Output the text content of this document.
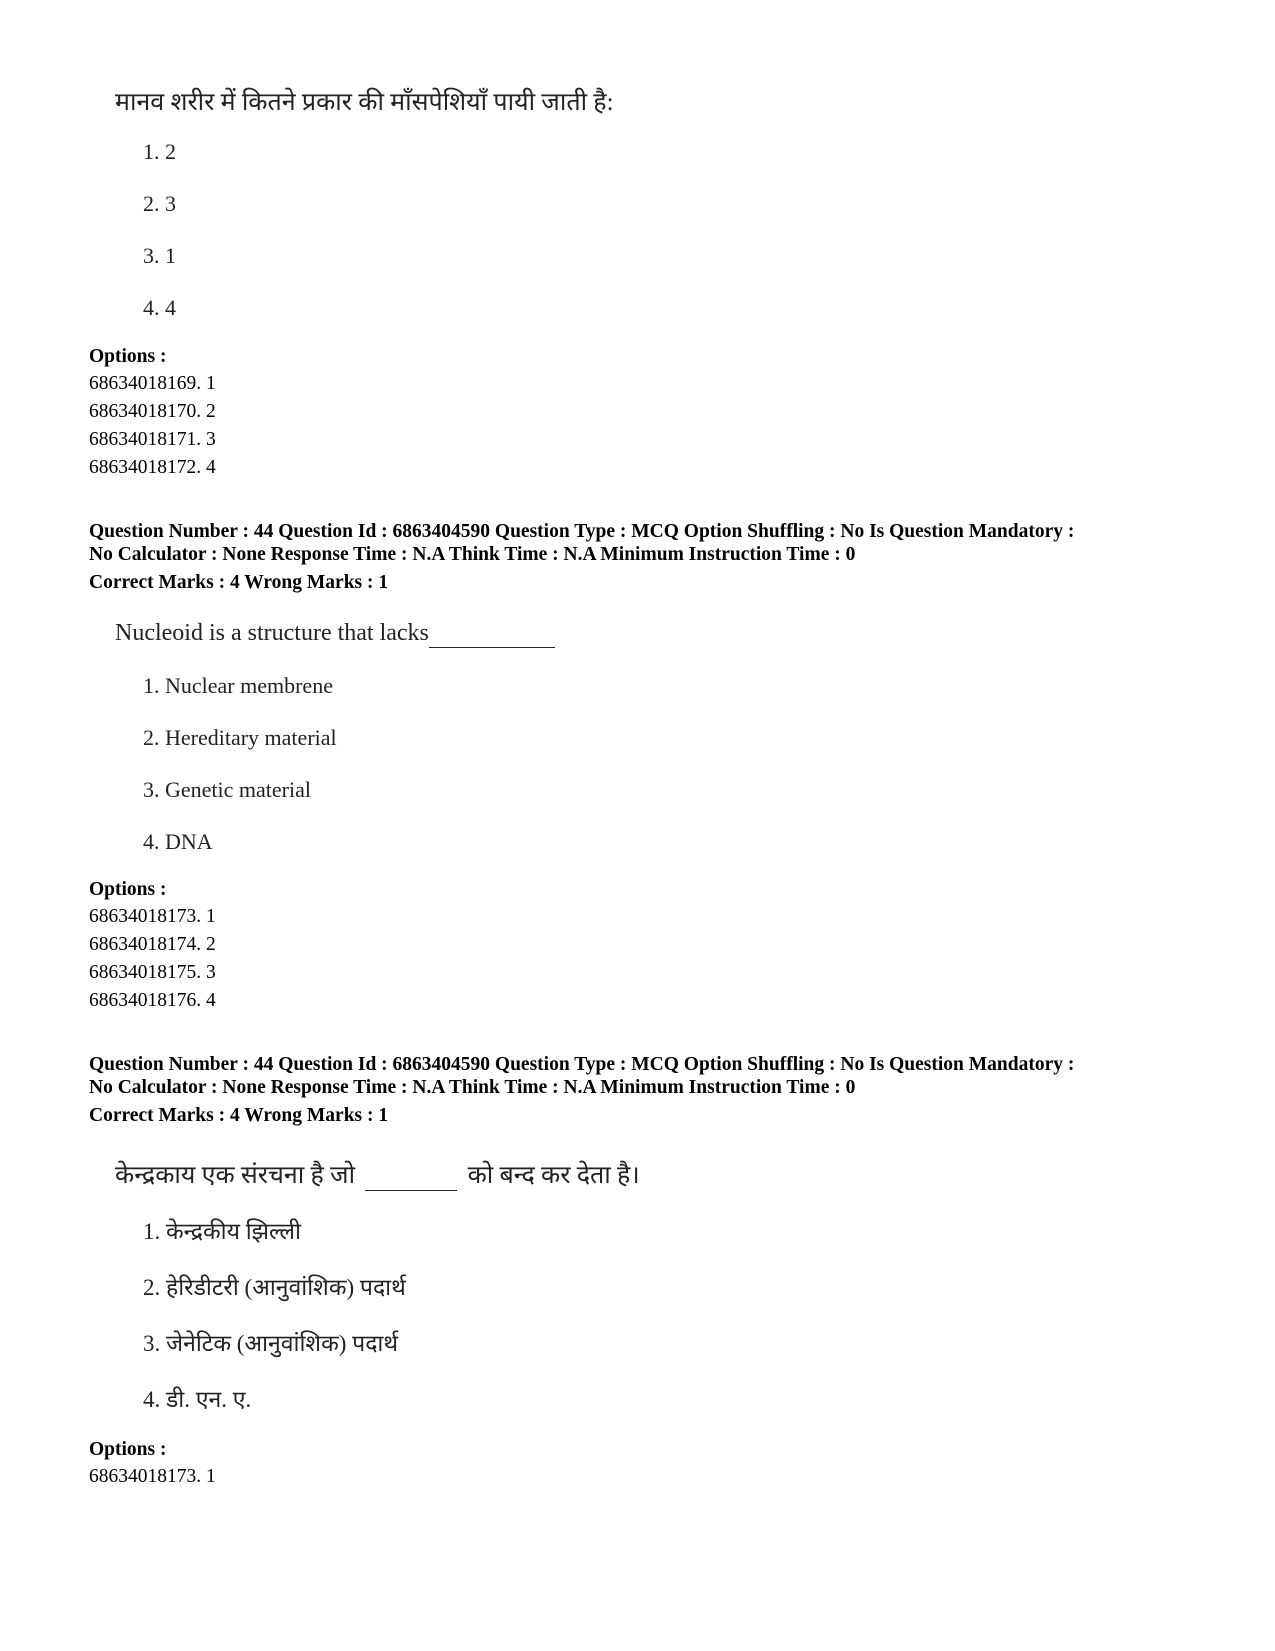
मानव शरीर में कितने प्रकार की माँसपेशियाँ पायी जाती है:
1. 2
2. 3
3. 1
4. 4
Options :
68634018169. 1
68634018170. 2
68634018171. 3
68634018172. 4
Question Number : 44 Question Id : 6863404590 Question Type : MCQ Option Shuffling : No Is Question Mandatory :
No Calculator : None Response Time : N.A Think Time : N.A Minimum Instruction Time : 0
Correct Marks : 4 Wrong Marks : 1
Nucleoid is a structure that lacks
1. Nuclear membrene
2. Hereditary material
3. Genetic material
4. DNA
Options :
68634018173. 1
68634018174. 2
68634018175. 3
68634018176. 4
Question Number : 44 Question Id : 6863404590 Question Type : MCQ Option Shuffling : No Is Question Mandatory :
No Calculator : None Response Time : N.A Think Time : N.A Minimum Instruction Time : 0
Correct Marks : 4 Wrong Marks : 1
केन्द्रकाय एक संरचना है जो	को बन्द कर देता है।
1. केन्द्रकीय झिल्ली
2. हेरिडीटरी (आनुवांशिक) पदार्थ
3. जेनेटिक (आनुवांशिक) पदार्थ
4. डी. एन. ए.
Options :
68634018173. 1
